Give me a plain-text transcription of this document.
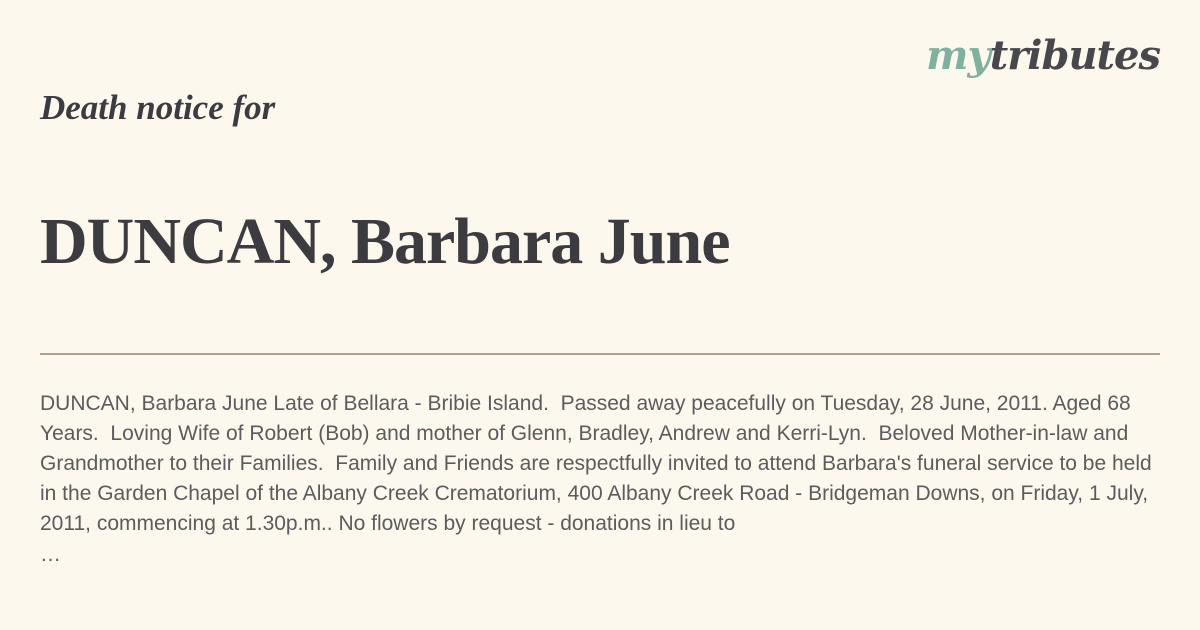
mytributes
Death notice for
DUNCAN, Barbara June

DUNCAN, Barbara June Late of Bellara - Bribie Island.  Passed away peacefully on Tuesday, 28 June, 2011. Aged 68 Years.  Loving Wife of Robert (Bob) and mother of Glenn, Bradley, Andrew and Kerri-Lyn.  Beloved Mother-in-law and Grandmother to their Families.  Family and Friends are respectfully invited to attend Barbara's funeral service to be held in the Garden Chapel of the Albany Creek Crematorium, 400 Albany Creek Road - Bridgeman Downs, on Friday, 1 July, 2011, commencing at 1.30p.m.. No flowers by request - donations in lieu to

…
